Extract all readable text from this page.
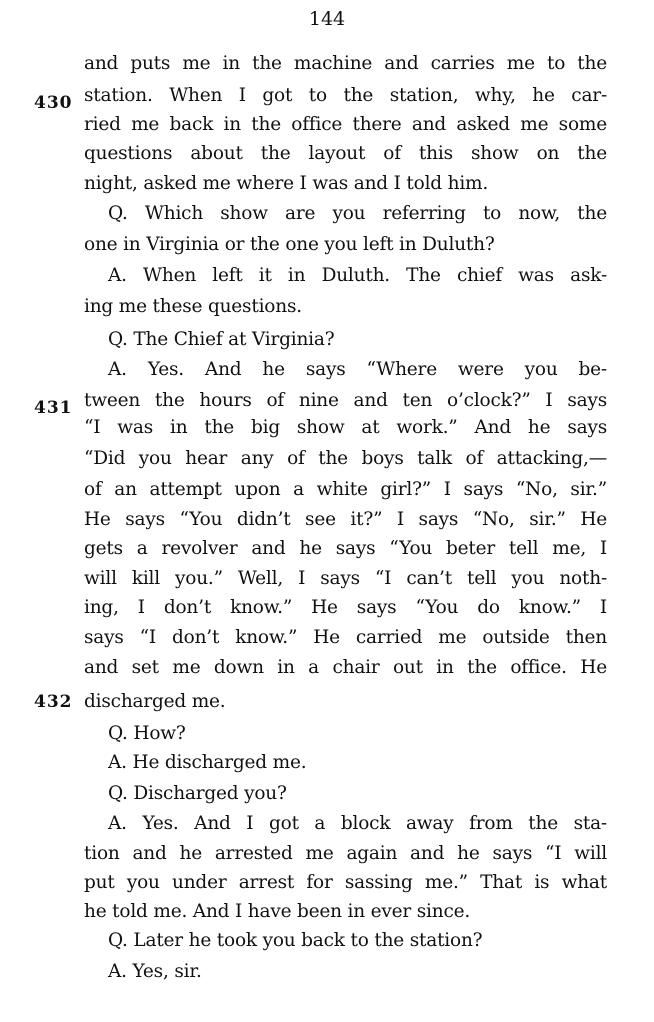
144
430
431
432
and puts me in the machine and carries me to the
station. When I got to the station, why, he car-
ried me back in the office there and asked me some
questions about the layout of this show on the
night, asked me where I was and I told him.
Q. Which show are you referring to now, the
one in Virginia or the one you left in Duluth?
A. When left it in Duluth. The chief was ask-
ing me these questions.
Q. The Chief at Virginia?
A. Yes. And he says “Where were you be-
tween the hours of nine and ten o’clock?” I says
“I was in the big show at work.” And he says
“Did you hear any of the boys talk of attacking,—
of an attempt upon a white girl?” I says “No, sir.”
He says “You didn’t see it?” I says “No, sir.” He
gets a revolver and he says “You beter tell me, I
will kill you.” Well, I says “I can’t tell you noth-
ing, I don’t know.” He says “You do know.” I
says “I don’t know.” He carried me outside then
and set me down in a chair out in the office. He
discharged me.
Q. How?
A. He discharged me.
Q. Discharged you?
A. Yes. And I got a block away from the sta-
tion and he arrested me again and he says “I will
put you under arrest for sassing me.” That is what
he told me. And I have been in ever since.
Q. Later he took you back to the station?
A. Yes, sir.
